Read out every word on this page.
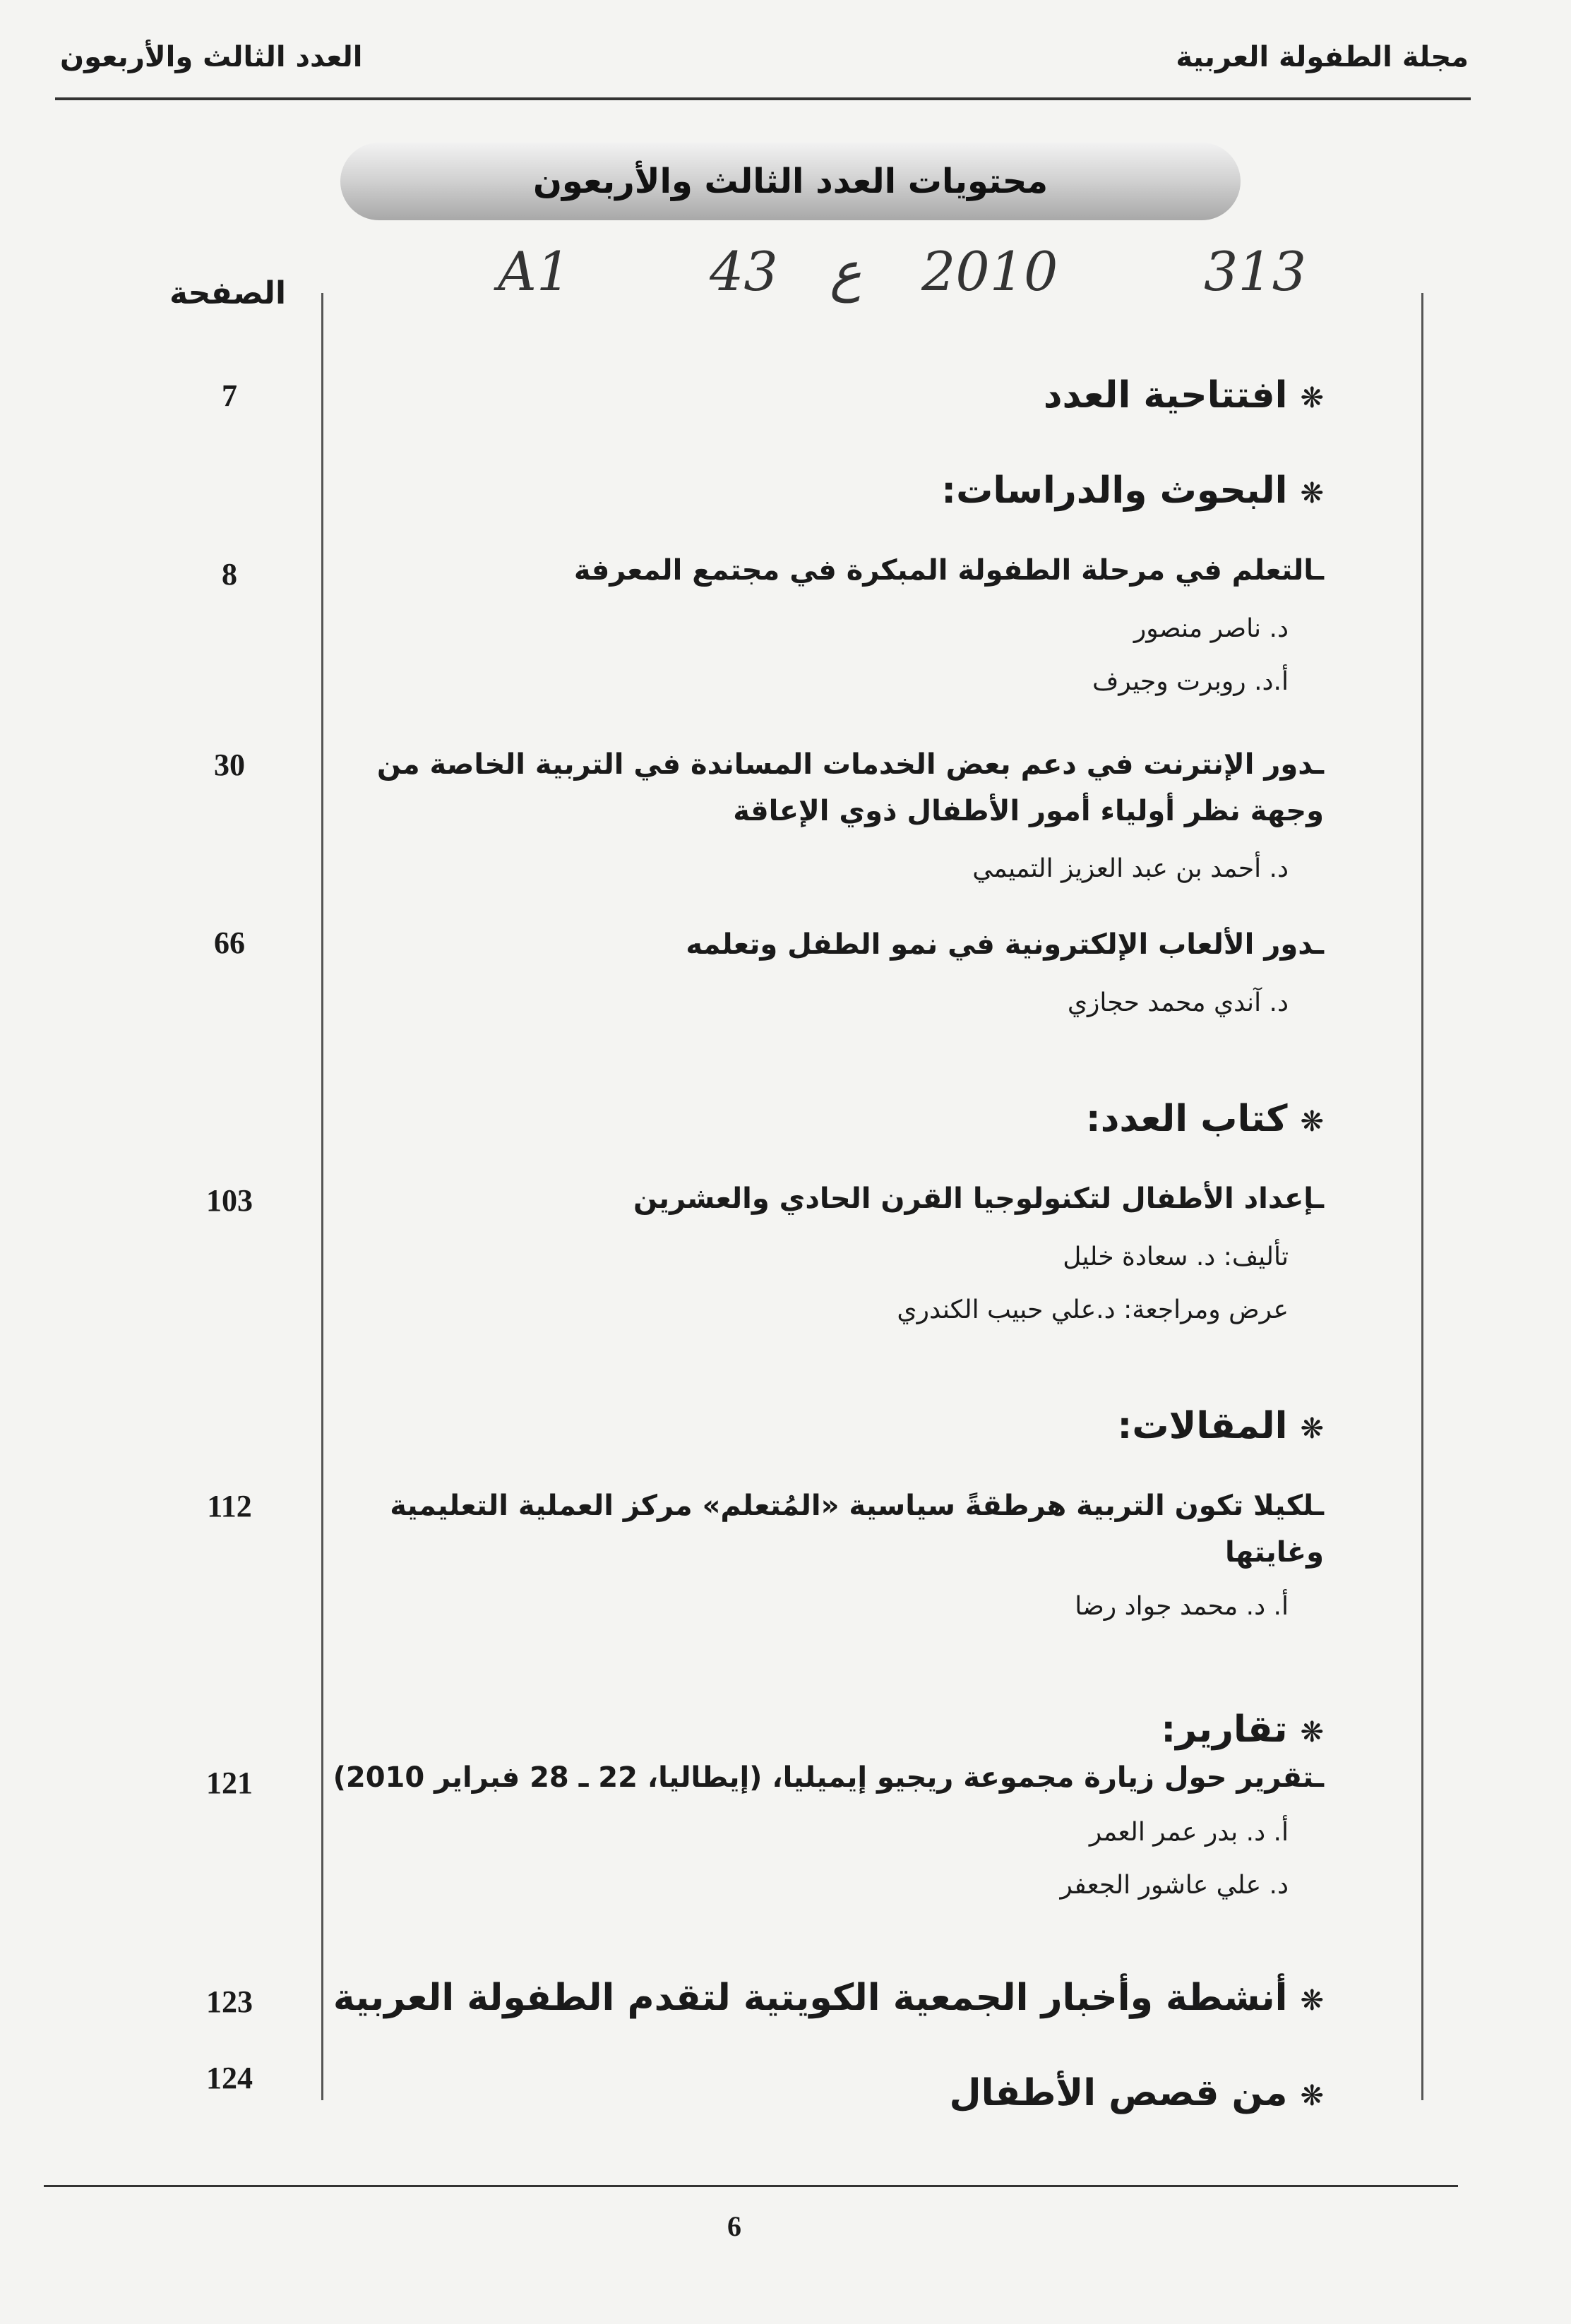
مجلة الطفولة العربية
العدد الثالث والأربعون
محتويات العدد الثالث والأربعون
A1	43 ع 2010	313
الصفحة
❋افتتاحية العدد
7
❋البحوث والدراسات:
ـالتعلم في مرحلة الطفولة المبكرة في مجتمع المعرفة
8
د. ناصر منصور
أ.د. روبرت وجيرف
ـدور الإنترنت في دعم بعض الخدمات المساندة في التربية الخاصة من وجهة نظر أولياء أمور الأطفال ذوي الإعاقة
30
د. أحمد بن عبد العزيز التميمي
ـدور الألعاب الإلكترونية في نمو الطفل وتعلمه
66
د. آندي محمد حجازي
❋كتاب العدد:
ـإعداد الأطفال لتكنولوجيا القرن الحادي والعشرين
103
تأليف: د. سعادة خليل
عرض ومراجعة: د.علي حبيب الكندري
❋المقالات:
ـلكيلا تكون التربية هرطقةً سياسية «المُتعلم» مركز العملية التعليمية وغايتها
112
أ. د. محمد جواد رضا
❋تقارير:
ـتقرير حول زيارة مجموعة ريجيو إيميليا، (إيطاليا، 22 ـ 28 فبراير 2010)
121
أ. د. بدر عمر العمر
د. علي عاشور الجعفر
❋أنشطة وأخبار الجمعية الكويتية لتقدم الطفولة العربية
123
❋من قصص الأطفال
124
6
